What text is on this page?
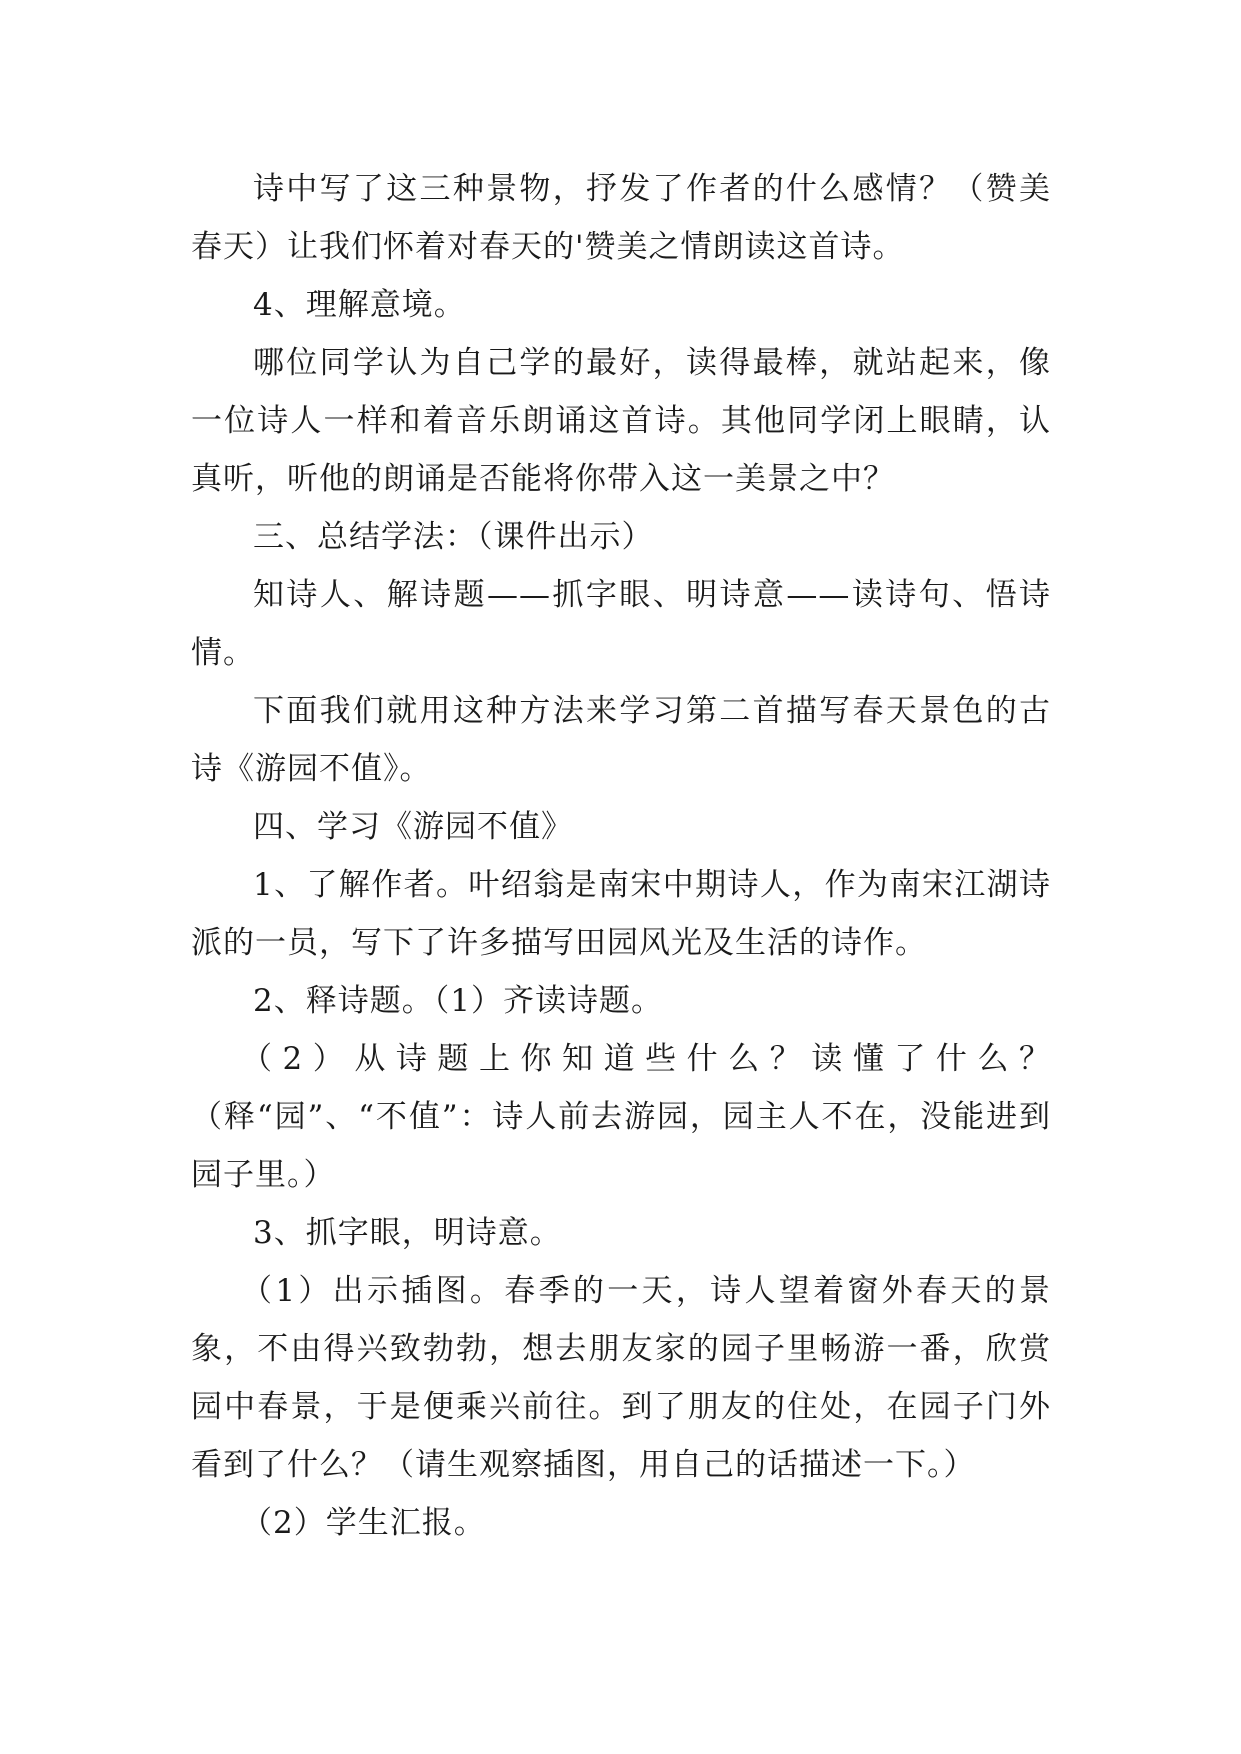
诗中写了这三种景物，抒发了作者的什么感情？（赞美春天）让我们怀着对春天的'赞美之情朗读这首诗。

4、理解意境。

哪位同学认为自己学的最好，读得最棒，就站起来，像一位诗人一样和着音乐朗诵这首诗。其他同学闭上眼睛，认真听，听他的朗诵是否能将你带入这一美景之中？

三、总结学法：（课件出示）

知诗人、解诗题——抓字眼、明诗意——读诗句、悟诗情。

下面我们就用这种方法来学习第二首描写春天景色的古诗《游园不值》。

四、学习《游园不值》

1、了解作者。叶绍翁是南宋中期诗人，作为南宋江湖诗派的一员，写下了许多描写田园风光及生活的诗作。

2、释诗题。（1）齐读诗题。

（2）从诗题上你知道些什么？读懂了什么？（释“园”、“不值”：诗人前去游园，园主人不在，没能进到园子里。）

3、抓字眼，明诗意。

（1）出示插图。春季的一天，诗人望着窗外春天的景象，不由得兴致勃勃，想去朋友家的园子里畅游一番，欣赏园中春景，于是便乘兴前往。到了朋友的住处，在园子门外看到了什么？（请生观察插图，用自己的话描述一下。）

（2）学生汇报。
